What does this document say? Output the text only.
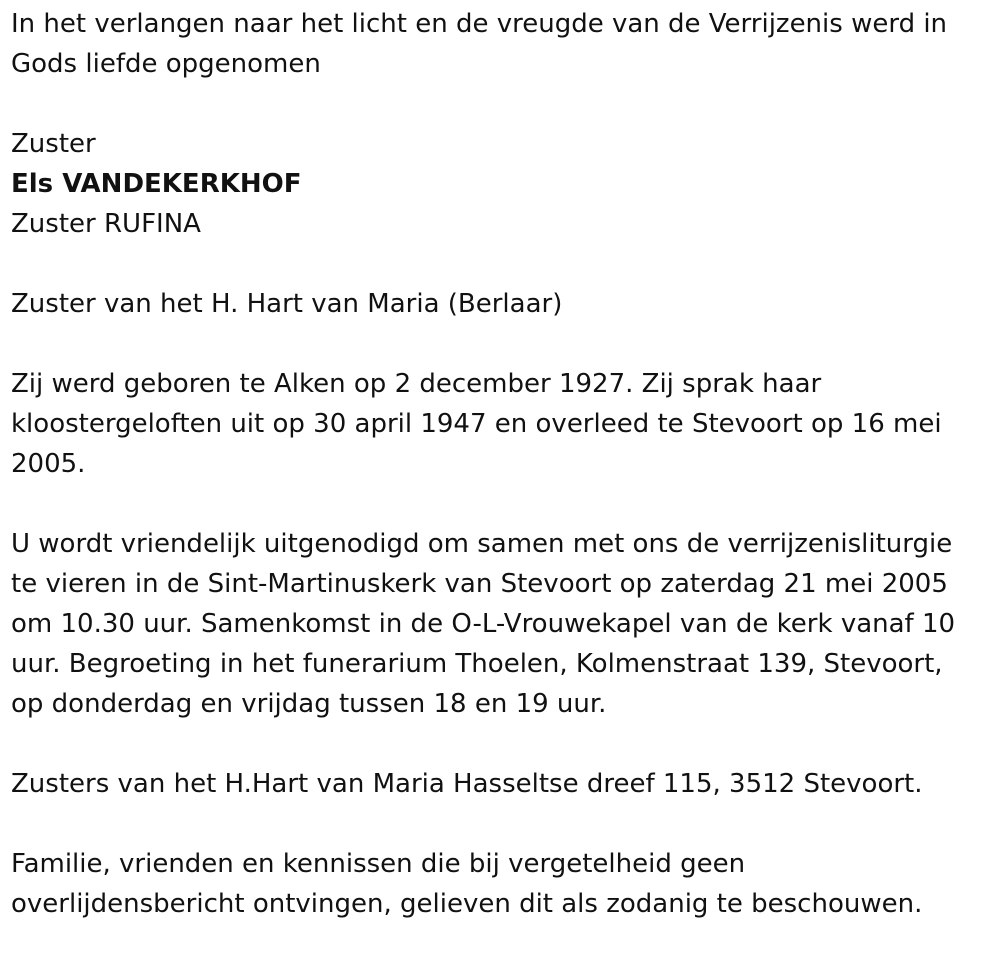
In het verlangen naar het licht en de vreugde van de Verrijzenis werd in
Gods liefde opgenomen
Zuster
Els VANDEKERKHOF
Zuster RUFINA
Zuster van het H. Hart van Maria (Berlaar)
Zij werd geboren te Alken op 2 december 1927. Zij sprak haar
kloostergeloften uit op 30 april 1947 en overleed te Stevoort op 16 mei
2005.
U wordt vriendelijk uitgenodigd om samen met ons de verrijzenisliturgie
te vieren in de Sint-Martinuskerk van Stevoort op zaterdag 21 mei 2005
om 10.30 uur. Samenkomst in de O-L-Vrouwekapel van de kerk vanaf 10
uur. Begroeting in het funerarium Thoelen, Kolmenstraat 139, Stevoort,
op donderdag en vrijdag tussen 18 en 19 uur.
Zusters van het H.Hart van Maria Hasseltse dreef 115, 3512 Stevoort.
Familie, vrienden en kennissen die bij vergetelheid geen
overlijdensbericht ontvingen, gelieven dit als zodanig te beschouwen.
